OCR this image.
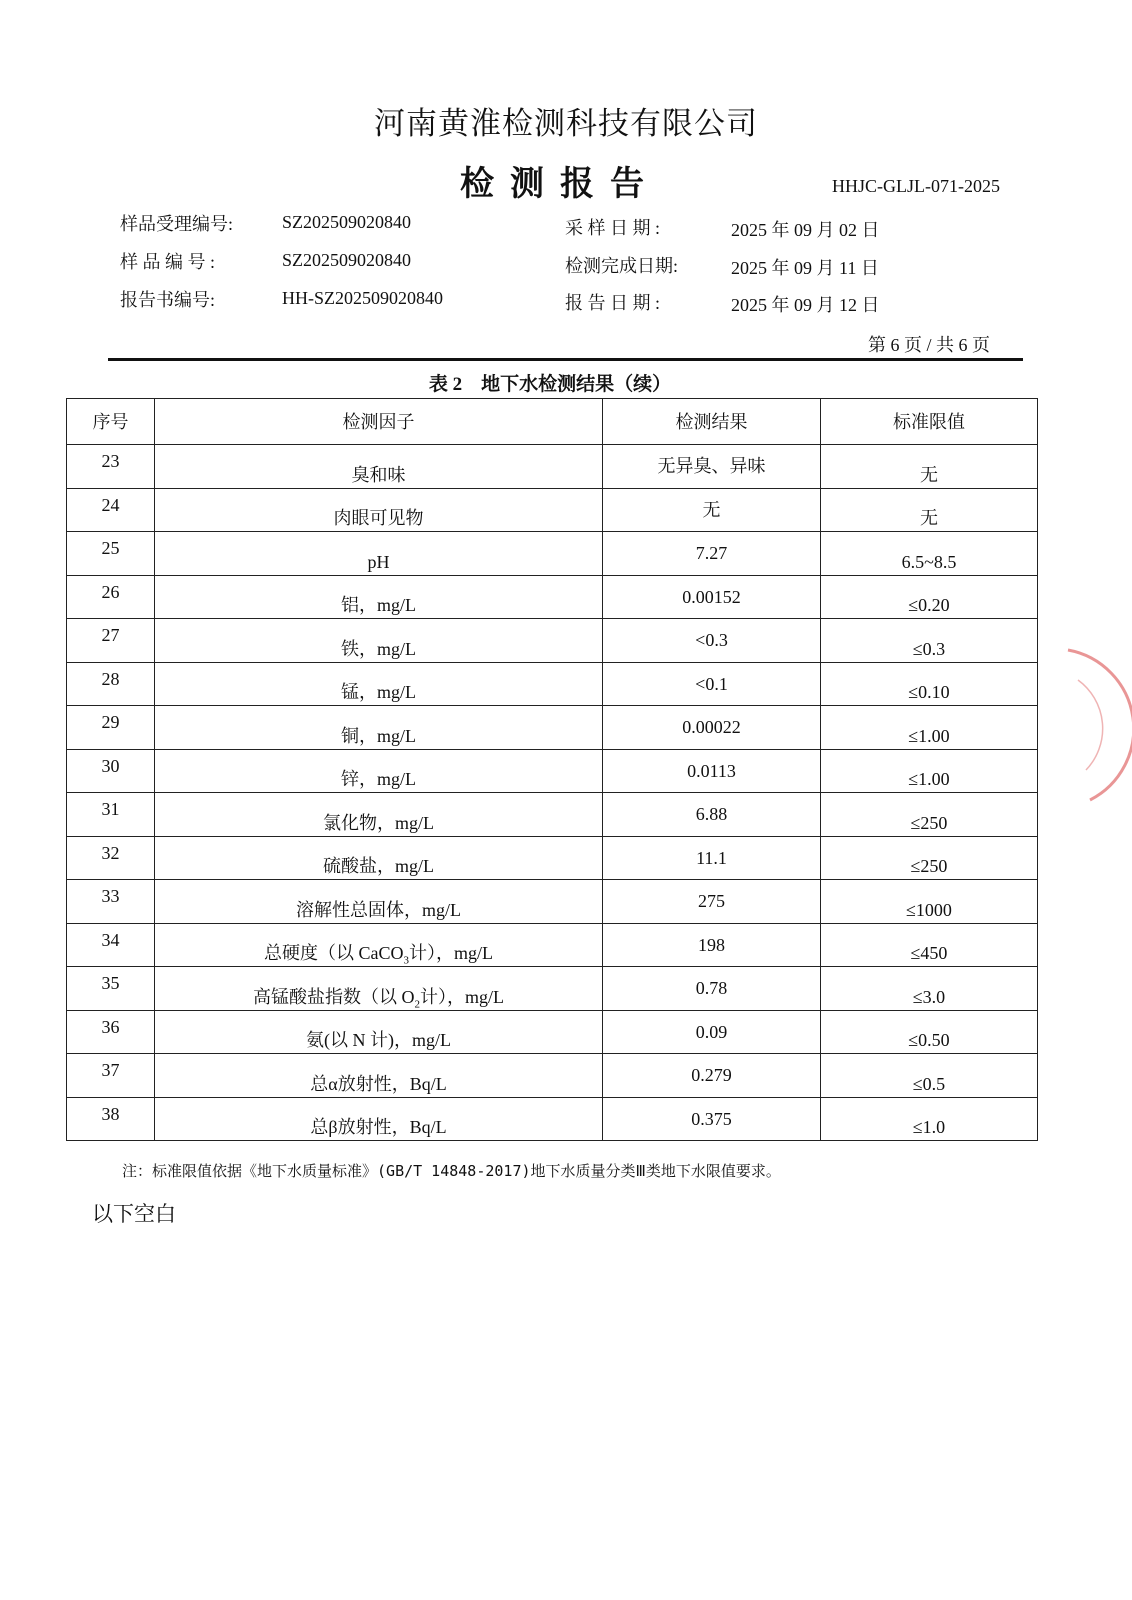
河南黄淮检测科技有限公司
检测报告	HHJC-GLJL-071-2025
样品受理编号:	SZ202509020840
样 品 编 号 :	SZ202509020840
报告书编号:	HH-SZ202509020840
采 样 日 期 :	2025 年 09 月 02 日
检测完成日期:	2025 年 09 月 11 日
报 告 日 期 :	2025 年 09 月 12 日
第 6 页 / 共 6 页
表 2　地下水检测结果（续）
序号	检测因子	检测结果	标准限值
23	臭和味	无异臭、异味	无
24	肉眼可见物	无	无
25	pH	7.27	6.5~8.5
26	铝，mg/L	0.00152	≤0.20
27	铁，mg/L	<0.3	≤0.3
28	锰，mg/L	<0.1	≤0.10
29	铜，mg/L	0.00022	≤1.00
30	锌，mg/L	0.0113	≤1.00
31	氯化物，mg/L	6.88	≤250
32	硫酸盐，mg/L	11.1	≤250
33	溶解性总固体，mg/L	275	≤1000
34	总硬度（以 CaCO$_3$计），mg/L	198	≤450
35	高锰酸盐指数（以 $O_2$计），mg/L	0.78	≤3.0
36	氨(以 N 计)，mg/L	0.09	≤0.50
37	总α放射性，Bq/L	0.279	≤0.5
38	总β放射性，Bq/L	0.375	≤1.0
注：标准限值依据《地下水质量标准》(GB/T 14848-2017)地下水质量分类Ⅲ类地下水限值要求。
以下空白
